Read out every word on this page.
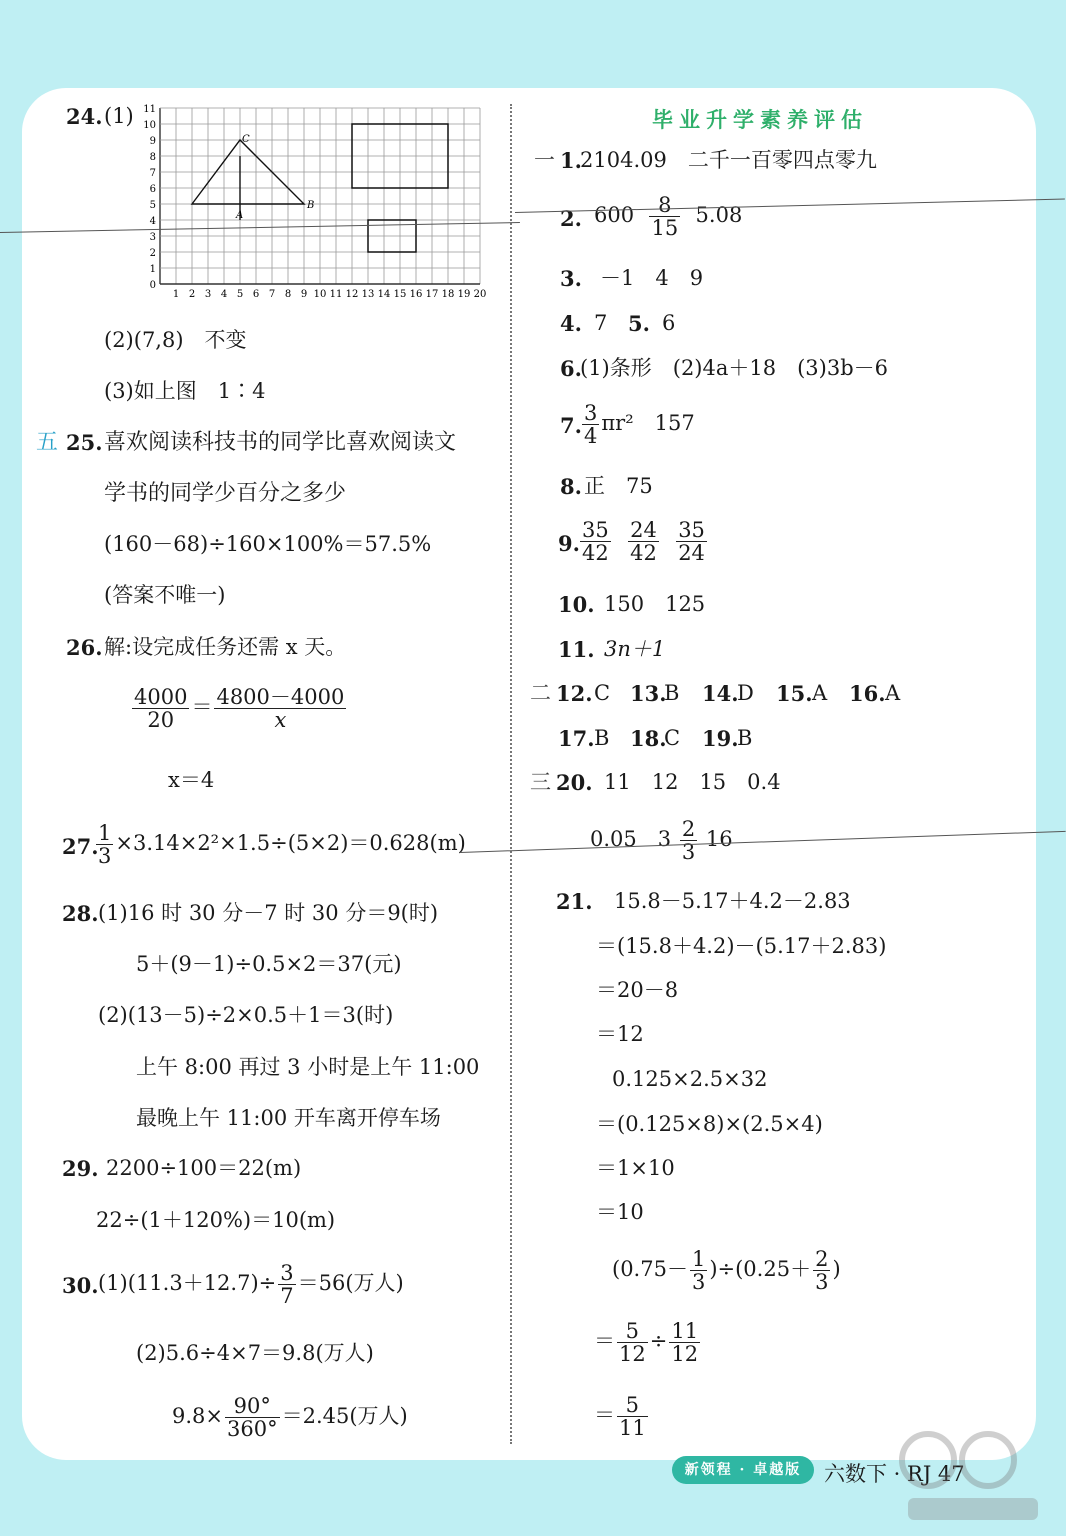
24. (1)
1 2 3 4 5 6 7 8 9 10 11 12 13 14 15 16 17 18 19 20
0
1
2
3
4
5
6
7
8
9
10
11
A
B
C
(2)(7,8)　不变
(3)如上图　1∶4
五 25. 喜欢阅读科技书的同学比喜欢阅读文
学书的同学少百分之多少
(160－68)÷160×100%＝57.5%
(答案不唯一)
26. 解:设完成任务还需 x 天。
$\frac{4000}{20} = \frac{4800-4000}{x}$
x＝4
27.
$\frac{1}{3} \times 3.14\times 2^2\times 1.5\div(5\times 2)=0.628(m)$
28. (1)16 时 30 分－7 时 30 分＝9(时)
5＋(9－1)÷0.5×2＝37(元)
(2)(13－5)÷2×0.5＋1＝3(时)
上午 8:00 再过 3 小时是上午 11:00
最晚上午 11:00 开车离开停车场
29. 2200÷100＝22(m)
22÷(1＋120%)＝10(m)
30. $(1)(11.3+12.7)\div \frac{3}{7} =56$(万人)
(2)5.6÷4×7＝9.8(万人)
$9.8\times \frac{90^\circ}{360^\circ} =2.45$(万人)
毕业升学素养评估
一 1.
2104.09　二千一百零四点零九
2. $600 \frac{8}{15} 5.08$
3. －1　4　9
4. 7 5. 6
6.
(1)条形　(2)4a＋18　(3)3b－6
7. $\frac{3}{4} \pi r^2$　157
8. 正　75
9. $\frac{35}{42}$
$\frac{24}{42}$
$\frac{35}{24}$
10. 150　125
11. 3n＋1
二 12. C 13.
B 14.
D 15. A 16. A
17. B 18.
C 19.
B
三 20. 11　12　15　0.4
0.05　$3 \frac{2}{3} 16$
21. 15.8－5.17＋4.2－2.83
＝(15.8＋4.2)－(5.17＋2.83)
＝20－8
＝12
0.125×2.5×32
＝(0.125×8)×(2.5×4)
＝1×10
＝10
$(0.75- \frac{1}{3} )\div(0.25+ \frac{2}{3}$ )
＝ $\frac{5}{12} \div \frac{11}{12}$
＝ $\frac{5}{11}$
新领程 · 卓越版	六数下 · RJ 47
